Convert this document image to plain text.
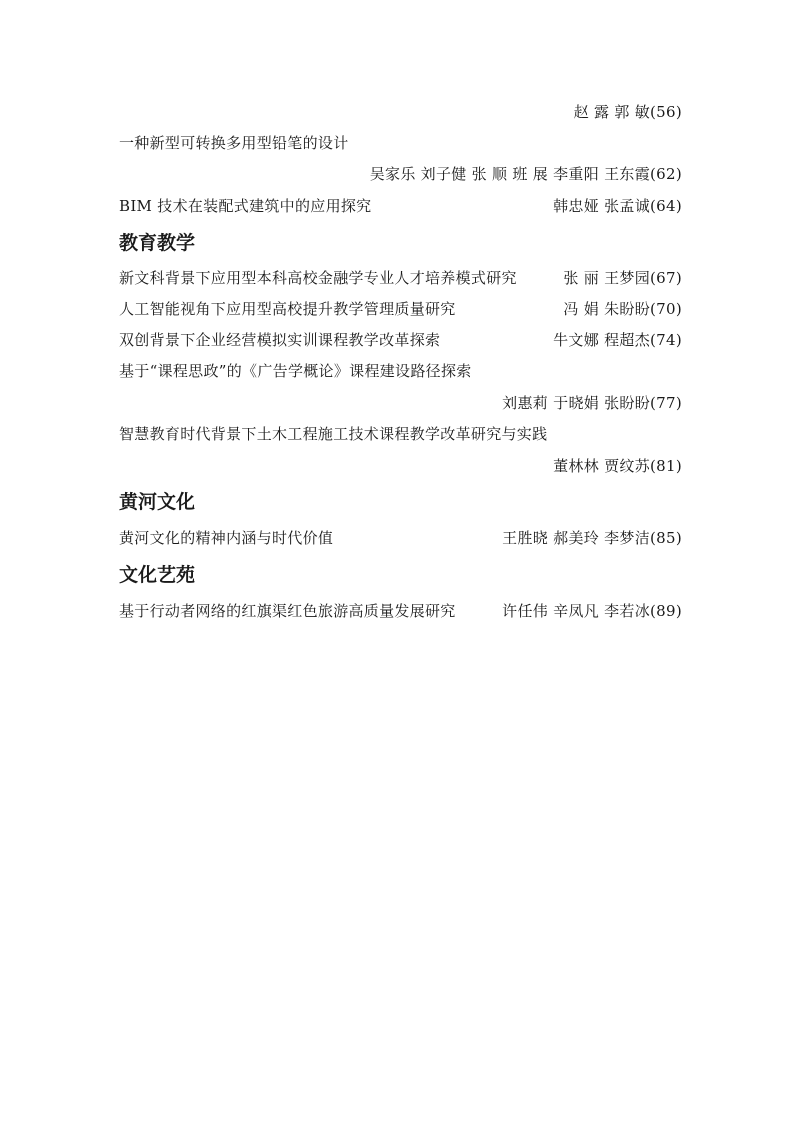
赵 露 郭 敏(56)
一种新型可转换多用型铅笔的设计
吴家乐 刘子健 张 顺 班 展 李重阳 王东霞(62)
BIM 技术在装配式建筑中的应用探究	韩忠娅 张孟诚(64)
教育教学
新文科背景下应用型本科高校金融学专业人才培养模式研究	张 丽 王梦园(67)
人工智能视角下应用型高校提升教学管理质量研究	冯 娟 朱盼盼(70)
双创背景下企业经营模拟实训课程教学改革探索	牛文娜 程超杰(74)
基于“课程思政”的《广告学概论》课程建设路径探索
刘惠莉 于晓娟 张盼盼(77)
智慧教育时代背景下土木工程施工技术课程教学改革研究与实践
董林林 贾纹苏(81)
黄河文化
黄河文化的精神内涵与时代价值	王胜晓 郝美玲 李梦洁(85)
文化艺苑
基于行动者网络的红旗渠红色旅游高质量发展研究	许任伟 辛凤凡 李若冰(89)
